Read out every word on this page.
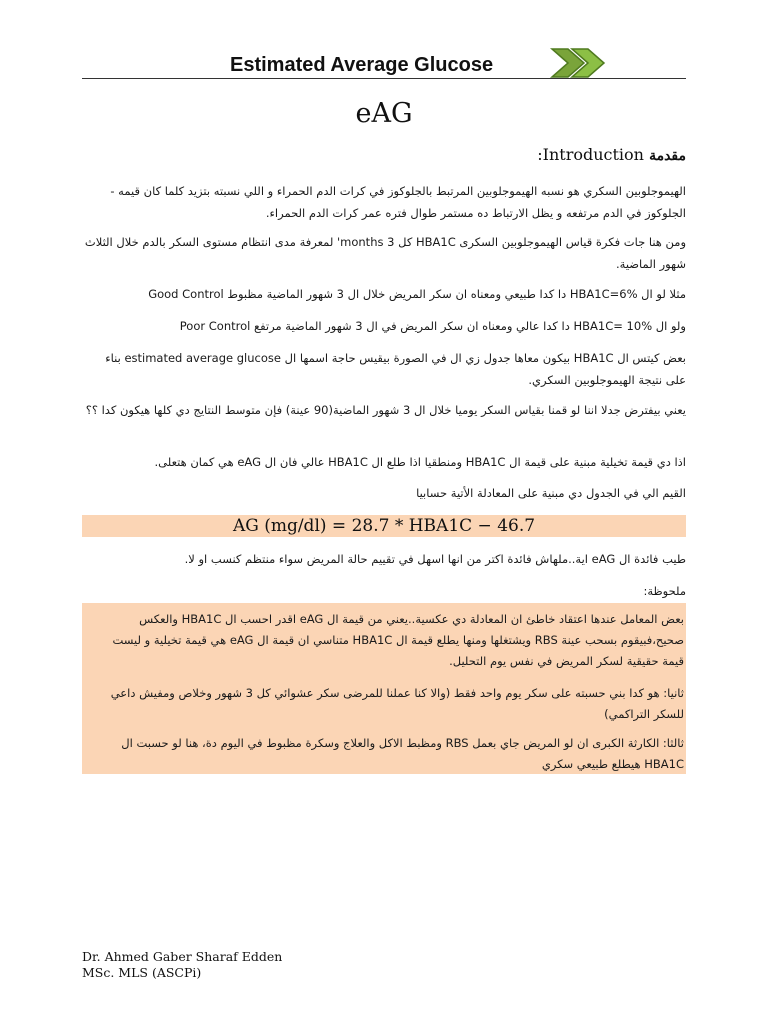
Estimated Average Glucose
eAG
مقدمة Introduction:
الهيموجلوبين السكري هو نسبه الهيموجلوبين المرتبط بالجلوكوز في كرات الدم الحمراء و اللي نسبته بتزيد كلما كان قيمه - الجلوكوز في الدم مرتفعه و يظل الارتباط ده مستمر طوال فتره عمر كرات الدم الحمراء.
ومن هنا جات فكرة قياس الهيموجلوبين السكرى HBA1C كل 3 months' لمعرفة مدى انتظام مستوى السكر بالدم خلال الثلاث شهور الماضية.
مثلا لو ال HBA1C=6% دا كدا طبيعي ومعناه ان سكر المريض خلال ال 3 شهور الماضية مظبوط Good Control
ولو ال HBA1C= 10% دا كدا عالي ومعناه ان سكر المريض في ال 3 شهور الماضية مرتفع Poor Control
بعض كيتس ال HBA1C بيكون معاها جدول زي ال في الصورة بيقيس حاجة اسمها ال estimated average glucose بناء على نتيجة الهيموجلوبين السكري.
يعني بيفترض جدلا اننا لو قمنا بقياس السكر يوميا خلال ال 3 شهور الماضية(90 عينة) فإن متوسط النتايج دي كلها هيكون كدا ؟؟
اذا دي قيمة تخيلية مبنية على قيمة ال HBA1C ومنطقيا اذا طلع ال HBA1C عالي فان ال eAG هي كمان هتعلى.
القيم الي في الجدول دي مبنية على المعادلة الأتية حسابيا
AG (mg/dl) = 28.7 * HBA1C − 46.7
طيب فائدة ال eAG اية..ملهاش فائدة اكتر من انها اسهل في تقييم حالة المريض سواء منتظم كنسب او لا.
ملحوظة:
بعض المعامل عندها اعتقاد خاطئ ان المعادلة دي عكسية..يعني من قيمة ال eAG اقدر احسب ال HBA1C والعكس صحيح،فبيقوم بسحب عينة RBS ويشتغلها ومنها يطلع قيمة ال HBA1C متناسي ان قيمة ال eAG هي قيمة تخيلية و ليست قيمة حقيقية لسكر المريض في نفس يوم التحليل.
ثانيا: هو كدا بني حسبته على سكر يوم واحد فقط (والا كنا عملنا للمرضى سكر عشوائي كل 3 شهور وخلاص ومفيش داعي للسكر التراكمي)
ثالثا: الكارثة الكبرى ان لو المريض جاي بعمل RBS ومظبط الاكل والعلاج وسكرة مظبوط في اليوم دة، هنا لو حسبت ال HBA1C هيطلع طبيعي سكري
Dr. Ahmed Gaber Sharaf Edden
MSc. MLS (ASCPi)
